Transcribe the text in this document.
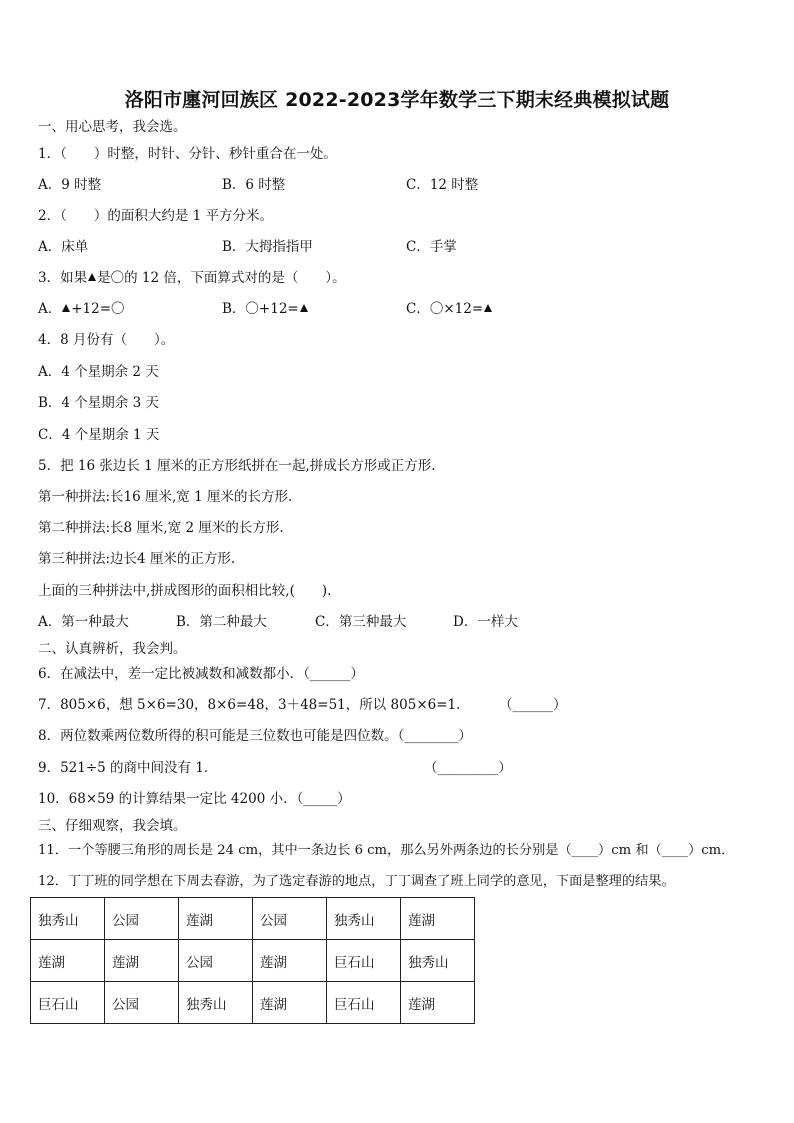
洛阳市廛河回族区 2022-2023学年数学三下期末经典模拟试题
一、用心思考，我会选。
1．（　　）时整，时针、分针、秒针重合在一处。
A．9 时整	B．6 时整	C．12 时整
2．（　　）的面积大约是 1 平方分米。
A．床单	B．大拇指指甲	C．手掌
3．如果 是〇的 12 倍，下面算式对的是（　　）。
A． +12=〇	B．〇+12=	C．〇×12=
4．8 月份有（　　）。
A．4 个星期余 2 天
B．4 个星期余 3 天
C．4 个星期余 1 天
5．把 16 张边长 1 厘米的正方形纸拼在一起,拼成长方形或正方形.
第一种拼法:长16 厘米,宽 1 厘米的长方形.
第二种拼法:长8 厘米,宽 2 厘米的长方形.
第三种拼法:边长4 厘米的正方形.
上面的三种拼法中,拼成图形的面积相比较,(　　).
A．第一种最大	B．第二种最大	C．第三种最大	D．一样大
二、认真辨析，我会判。
6．在减法中，差一定比被减数和减数都小．（______）
7．805×6，想 5×6=30，8×6=48，3＋48=51，所以 805×6=1． （______）
8．两位数乘两位数所得的积可能是三位数也可能是四位数。（________）
9．521÷5 的商中间没有 1．	（_________）
10．68×59 的计算结果一定比 4200 小．（_____）
三、仔细观察，我会填。
11．一个等腰三角形的周长是 24 cm，其中一条边长 6 cm，那么另外两条边的长分别是（____）cm 和（____）cm．
12．丁丁班的同学想在下周去春游，为了选定春游的地点，丁丁调查了班上同学的意见，下面是整理的结果。
独秀山	公园	莲湖	公园	独秀山	莲湖
莲湖	莲湖	公园	莲湖	巨石山	独秀山
巨石山	公园	独秀山	莲湖	巨石山	莲湖
